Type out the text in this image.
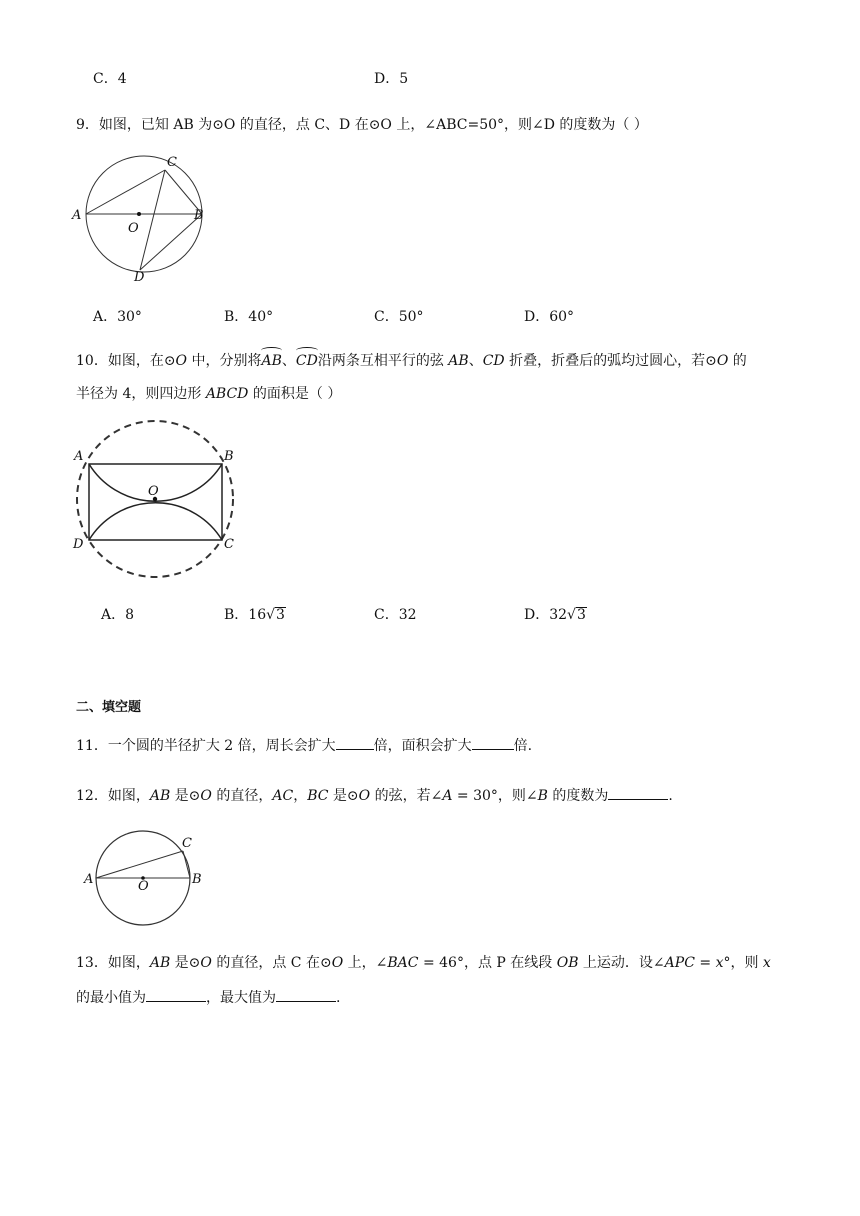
C．4	D．5
9．如图，已知 AB 为⊙O 的直径，点 C、D 在⊙O 上，∠ABC=50°，则∠D 的度数为（ ）
A	B
C
D
O
A．30°	B．40°	C．50°	D．60°
10．如图，在⊙O 中，分别将AB、CD沿两条互相平行的弦 AB、CD 折叠，折叠后的弧均过圆心，若⊙O 的
半径为 4，则四边形 ABCD 的面积是（ ）
A	B
C
D
O
A．8	B．16√3	C．32	D．32√3
二、填空题
11．一个圆的半径扩大 2 倍，周长会扩大	倍，面积会扩大	倍.
12．如图，AB 是⊙O 的直径，AC，BC 是⊙O 的弦，若∠A = 30°，则∠B 的度数为	.
A	B
C
O
13．如图，AB 是⊙O 的直径，点 C 在⊙O 上，∠BAC = 46°，点 P 在线段 OB 上运动．设∠APC = x°，则 x
的最小值为	，最大值为	.
